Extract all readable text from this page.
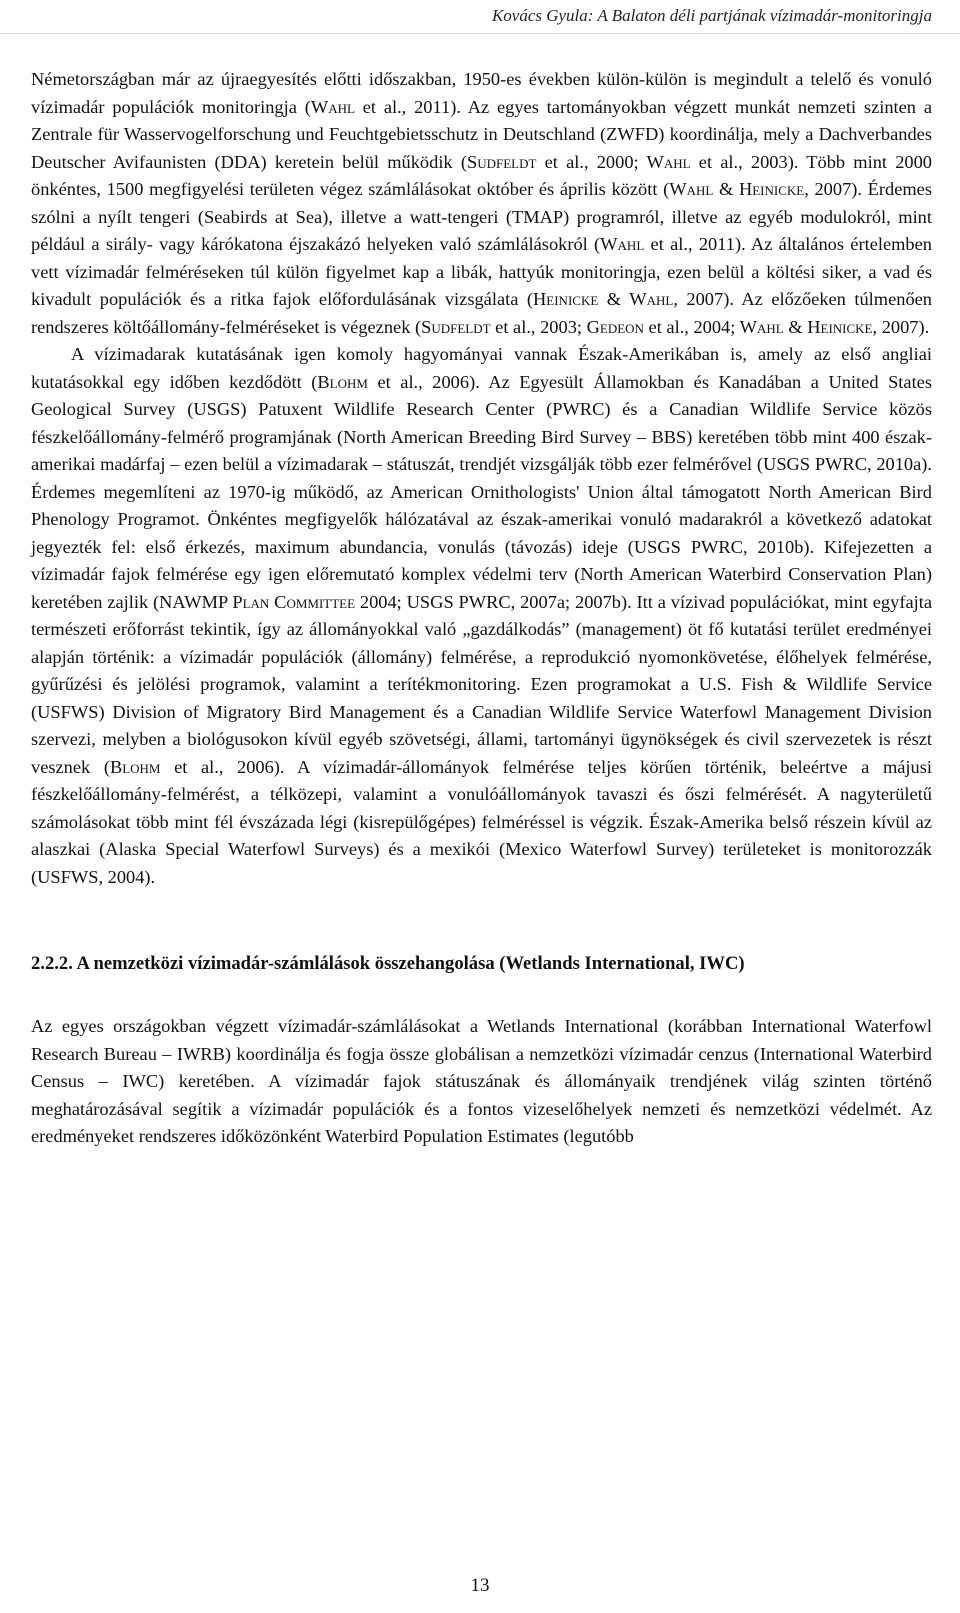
Kovács Gyula: A Balaton déli partjának vízimadár-monitoringja

Németországban már az újraegyesítés előtti időszakban, 1950-es években külön-külön is megindult a telelő és vonuló vízimadár populációk monitoringja (Wahl et al., 2011). Az egyes tartományokban végzett munkát nemzeti szinten a Zentrale für Wasservogelforschung und Feuchtgebietsschutz in Deutschland (ZWFD) koordinálja, mely a Dachverbandes Deutscher Avifaunisten (DDA) keretein belül működik (Sudfeldt et al., 2000; Wahl et al., 2003). Több mint 2000 önkéntes, 1500 megfigyelési területen végez számlálásokat október és április között (Wahl & Heinicke, 2007). Érdemes szólni a nyílt tengeri (Seabirds at Sea), illetve a watt-tengeri (TMAP) programról, illetve az egyéb modulokról, mint például a sirály- vagy kárókatona éjszakázó helyeken való számlálásokról (Wahl et al., 2011). Az általános értelemben vett vízimadár felméréseken túl külön figyelmet kap a libák, hattyúk monitoringja, ezen belül a költési siker, a vad és kivadult populációk és a ritka fajok előfordulásának vizsgálata (Heinicke & Wahl, 2007). Az előzőeken túlmenően rendszeres költőállomány-felméréseket is végeznek (Sudfeldt et al., 2003; Gedeon et al., 2004; Wahl & Heinicke, 2007).

A vízimadarak kutatásának igen komoly hagyományai vannak Észak-Amerikában is, amely az első angliai kutatásokkal egy időben kezdődött (Blohm et al., 2006). Az Egyesült Államokban és Kanadában a United States Geological Survey (USGS) Patuxent Wildlife Research Center (PWRC) és a Canadian Wildlife Service közös fészkelőállomány-felmérő programjának (North American Breeding Bird Survey – BBS) keretében több mint 400 észak-amerikai madárfaj – ezen belül a vízimadarak – státuszát, trendjét vizsgálják több ezer felmérővel (USGS PWRC, 2010a). Érdemes megemlíteni az 1970-ig működő, az American Ornithologists' Union által támogatott North American Bird Phenology Programot. Önkéntes megfigyelők hálózatával az észak-amerikai vonuló madarakról a következő adatokat jegyezték fel: első érkezés, maximum abundancia, vonulás (távozás) ideje (USGS PWRC, 2010b). Kifejezetten a vízimadár fajok felmérése egy igen előremutató komplex védelmi terv (North American Waterbird Conservation Plan) keretében zajlik (NAWMP Plan Committee 2004; USGS PWRC, 2007a; 2007b). Itt a vízivad populációkat, mint egyfajta természeti erőforrást tekintik, így az állományokkal való „gazdálkodás” (management) öt fő kutatási terület eredményei alapján történik: a vízimadár populációk (állomány) felmérése, a reprodukció nyomonkövetése, élőhelyek felmérése, gyűrűzési és jelölési programok, valamint a terítékmonitoring. Ezen programokat a U.S. Fish & Wildlife Service (USFWS) Division of Migratory Bird Management és a Canadian Wildlife Service Waterfowl Management Division szervezi, melyben a biológusokon kívül egyéb szövetségi, állami, tartományi ügynökségek és civil szervezetek is részt vesznek (Blohm et al., 2006). A vízimadár-állományok felmérése teljes körűen történik, beleértve a májusi fészkelőállomány-felmérést, a télközepi, valamint a vonulóállományok tavaszi és őszi felmérését. A nagyterületű számolásokat több mint fél évszázada légi (kisrepülőgépes) felméréssel is végzik. Észak-Amerika belső részein kívül az alaszkai (Alaska Special Waterfowl Surveys) és a mexikói (Mexico Waterfowl Survey) területeket is monitorozzák (USFWS, 2004).

2.2.2. A nemzetközi vízimadár-számlálások összehangolása (Wetlands International, IWC)

Az egyes országokban végzett vízimadár-számlálásokat a Wetlands International (korábban International Waterfowl Research Bureau – IWRB) koordinálja és fogja össze globálisan a nemzetközi vízimadár cenzus (International Waterbird Census – IWC) keretében. A vízimadár fajok státuszának és állományaik trendjének világ szinten történő meghatározásával segítik a vízimadár populációk és a fontos vizeselőhelyek nemzeti és nemzetközi védelmét. Az eredményeket rendszeres időközönként Waterbird Population Estimates (legutóbb

13
